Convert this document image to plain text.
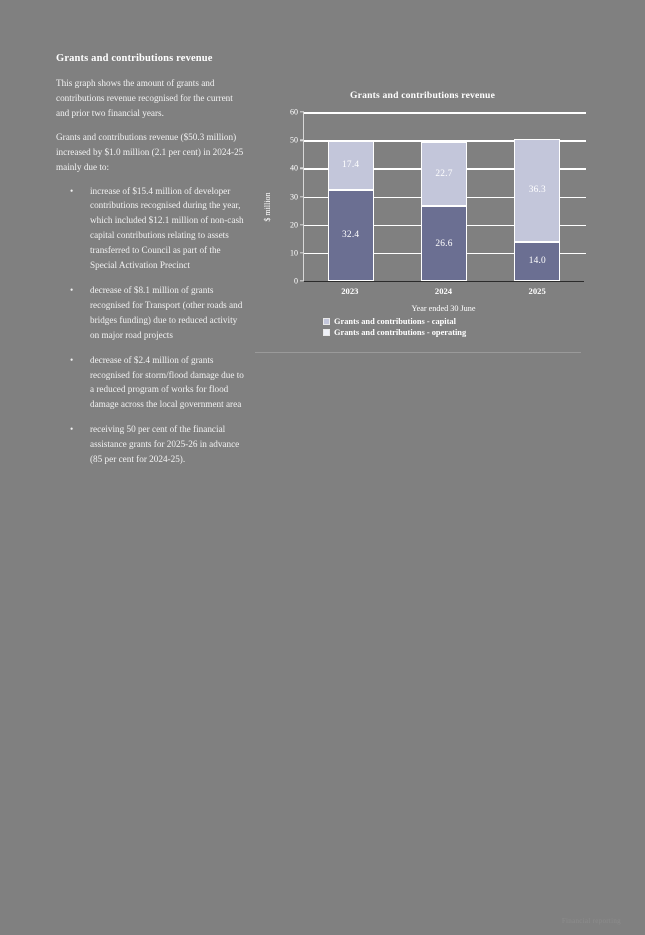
Grants and contributions revenue

This graph shows the amount of grants and contributions revenue recognised for the current and prior two financial years.

Grants and contributions revenue ($50.3 million) increased by $1.0 million (2.1 per cent) in 2024-25 mainly due to:

• increase of $15.4 million of developer contributions recognised during the year, which included $12.1 million of non-cash capital contributions relating to assets transferred to Council as part of the Special Activation Precinct
• decrease of $8.1 million of grants recognised for Transport (other roads and bridges funding) due to reduced activity on major road projects
• decrease of $2.4 million of grants recognised for storm/flood damage due to a reduced program of works for flood damage across the local government area
• receiving 50 per cent of the financial assistance grants for 2025-26 in advance (85 per cent for 2024-25).
Grants and contributions revenue
$ million
17.4
32.4
22.7
26.6
36.3
14.0
60
50
40
30
20
10
0
2023	2024	2025
Year ended 30 June
Grants and contributions - capital
Grants and contributions - operating
Financial reporting
